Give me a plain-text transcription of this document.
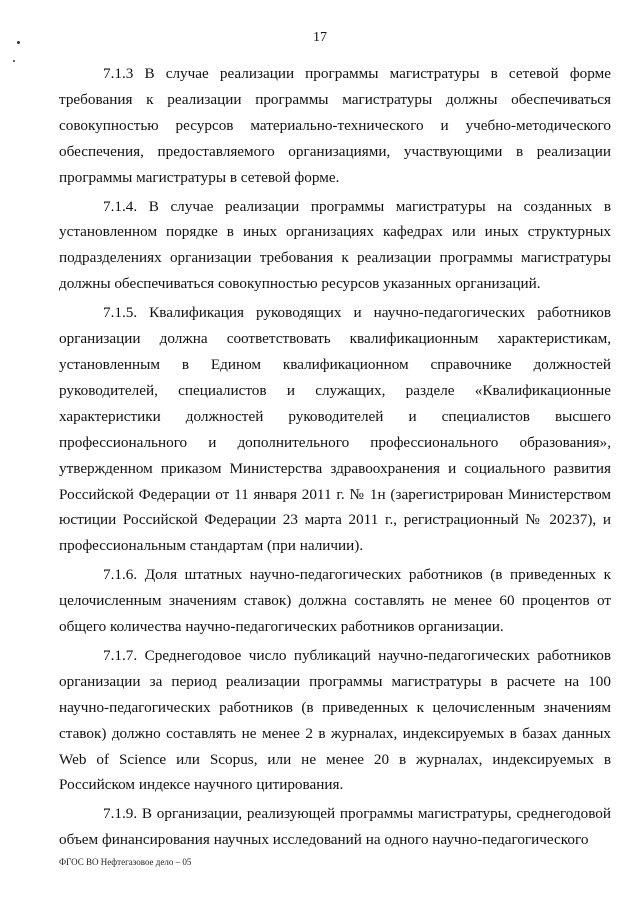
17

7.1.3 В случае реализации программы магистратуры в сетевой форме требования к реализации программы магистратуры должны обеспечиваться совокупностью ресурсов материально-технического и учебно-методического обеспечения, предоставляемого организациями, участвующими в реализации программы магистратуры в сетевой форме.

7.1.4. В случае реализации программы магистратуры на созданных в установленном порядке в иных организациях кафедрах или иных структурных подразделениях организации требования к реализации программы магистратуры должны обеспечиваться совокупностью ресурсов указанных организаций.

7.1.5. Квалификация руководящих и научно-педагогических работников организации должна соответствовать квалификационным характеристикам, установленным в Едином квалификационном справочнике должностей руководителей, специалистов и служащих, разделе «Квалификационные характеристики должностей руководителей и специалистов высшего профессионального и дополнительного профессионального образования», утвержденном приказом Министерства здравоохранения и социального развития Российской Федерации от 11 января 2011 г. № 1н (зарегистрирован Министерством юстиции Российской Федерации 23 марта 2011 г., регистрационный № 20237), и профессиональным стандартам (при наличии).

7.1.6. Доля штатных научно-педагогических работников (в приведенных к целочисленным значениям ставок) должна составлять не менее 60 процентов от общего количества научно-педагогических работников организации.

7.1.7. Среднегодовое число публикаций научно-педагогических работников организации за период реализации программы магистратуры в расчете на 100 научно-педагогических работников (в приведенных к целочисленным значениям ставок) должно составлять не менее 2 в журналах, индексируемых в базах данных Web of Science или Scopus, или не менее 20 в журналах, индексируемых в Российском индексе научного цитирования.

7.1.9. В организации, реализующей программы магистратуры, среднегодовой объем финансирования научных исследований на одного научно-педагогического

ФГОС ВО Нефтегазовое дело – 05
